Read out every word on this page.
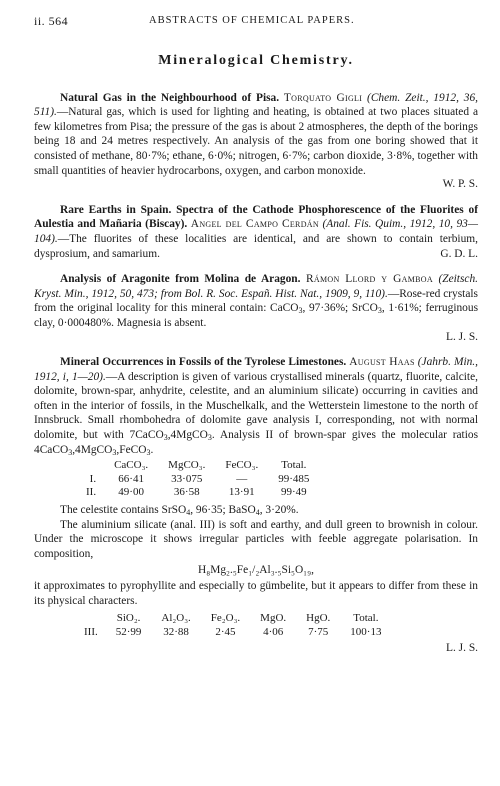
ii. 564	ABSTRACTS OF CHEMICAL PAPERS.
Mineralogical Chemistry.

Natural Gas in the Neighbourhood of Pisa. Torquato Gigli (Chem. Zeit., 1912, 36, 511).—Natural gas, which is used for lighting and heating, is obtained at two places situated a few kilometres from Pisa; the pressure of the gas is about 2 atmospheres, the depth of the borings being 18 and 24 metres respectively. An analysis of the gas from one boring showed that it consisted of methane, 80·7%; ethane, 6·0%; nitrogen, 6·7%; carbon dioxide, 3·8%, together with small quantities of heavier hydrocarbons, oxygen, and carbon monoxide.

W. P. S.

Rare Earths in Spain. Spectra of the Cathode Phosphorescence of the Fluorites of Aulestia and Mañaria (Biscay). Angel del Campo Cerdán (Anal. Fis. Quim., 1912, 10, 93—104).—The fluorites of these localities are identical, and are shown to contain terbium, dysprosium, and samarium.	G. D. L.

Analysis of Aragonite from Molina de Aragon. Rámon Llord y Gamboa (Zeitsch. Kryst. Min., 1912, 50, 473; from Bol. R. Soc. Españ. Hist. Nat., 1909, 9, 110).—Rose-red crystals from the original locality for this mineral contain: CaCO$_3$, 97·36%; SrCO$_3$, 1·61%; ferruginous clay, 0·000480%. Magnesia is absent.

L. J. S.

Mineral Occurrences in Fossils of the Tyrolese Limestones. August Haas (Jahrb. Min., 1912, i, 1—20).—A description is given of various crystallised minerals (quartz, fluorite, calcite, dolomite, brown-spar, anhydrite, celestite, and an aluminium silicate) occurring in cavities and often in the interior of fossils, in the Muschelkalk, and the Wetterstein limestone to the north of Innsbruck. Small rhombohedra of dolomite gave analysis I, corresponding, not with normal dolomite, but with 7CaCO$_3$,4MgCO$_3$. Analysis II of brown-spar gives the molecular ratios 4CaCO$_3$,4MgCO$_3$,FeCO$_3$.

	CaCO₃.	MgCO₃.	FeCO₃.	Total.
I.	66·41	33·075	—	99·485
II.	49·00	36·58	13·91	99·49

The celestite contains SrSO$_4$, 96·35; BaSO$_4$, 3·20%.

The aluminium silicate (anal. III) is soft and earthy, and dull green to brownish in colour. Under the microscope it shows irregular particles with feeble aggregate polarisation. In composition,

H₈Mg₂.₅Fe₁/₂Al₃.₅Si₅O₁₉,

it approximates to pyrophyllite and especially to gümbelite, but it appears to differ from these in its physical characters.

	SiO₂.	Al₂O₃.	Fe₂O₃.	MgO.	HgO.	Total.
III.	52·99	32·88	2·45	4·06	7·75	100·13
L. J. S.
